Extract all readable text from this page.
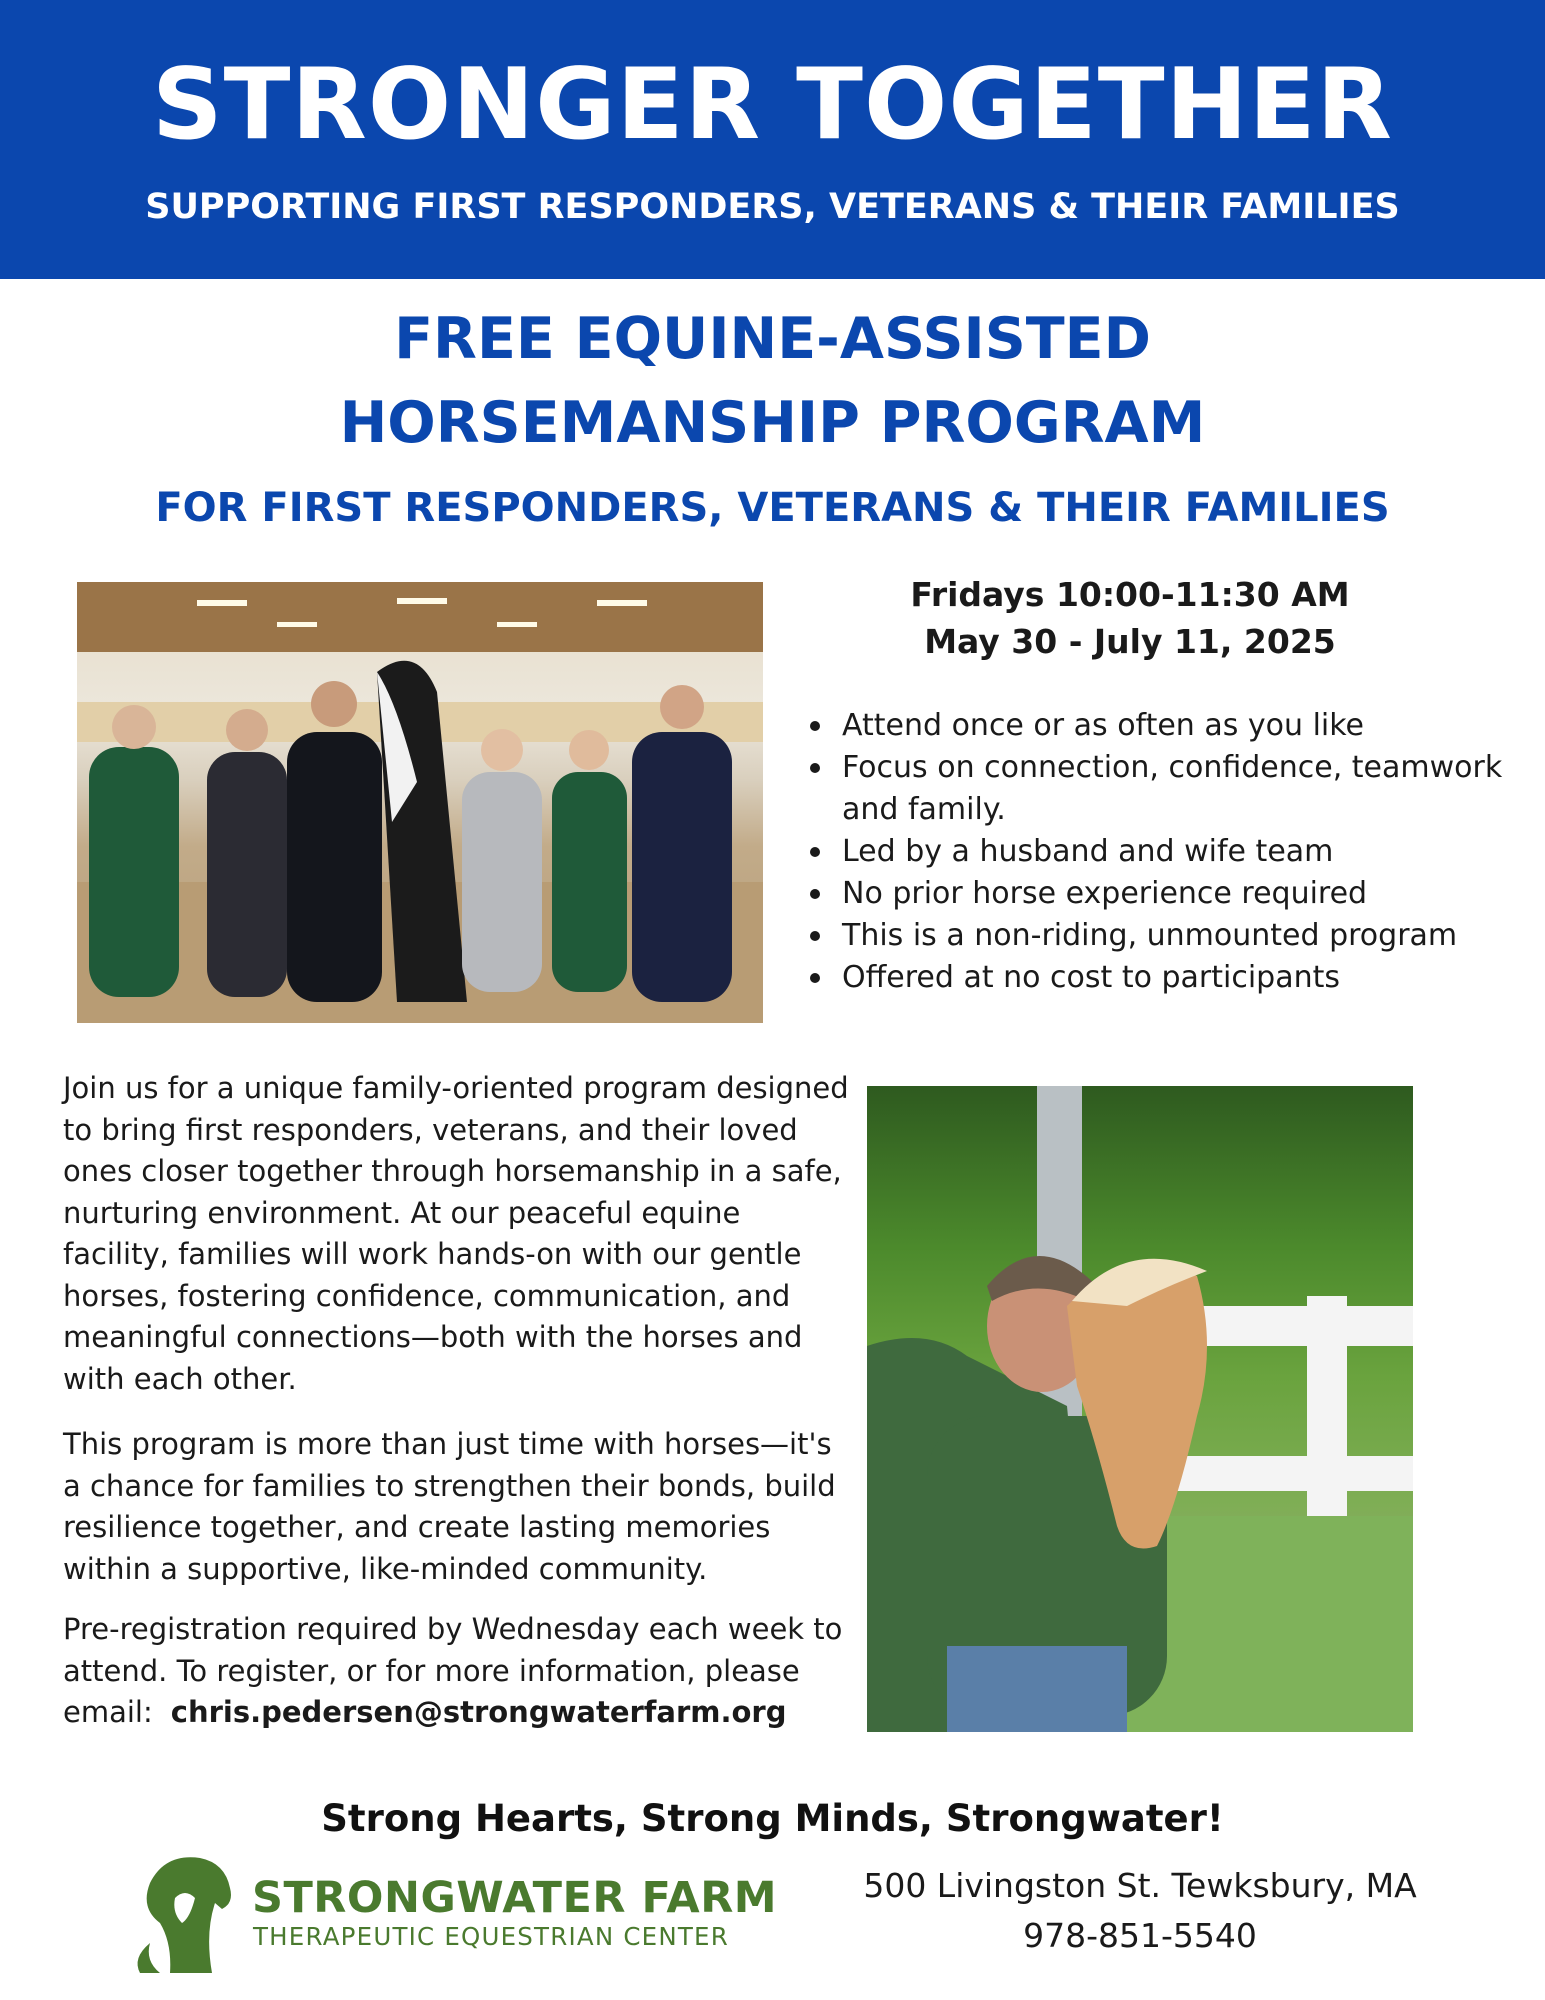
STRONGER TOGETHER
SUPPORTING FIRST RESPONDERS, VETERANS & THEIR FAMILIES
FREE EQUINE-ASSISTED
HORSEMANSHIP PROGRAM
FOR FIRST RESPONDERS, VETERANS & THEIR FAMILIES
Fridays 10:00-11:30 AM
May 30 - July 11, 2025
Attend once or as often as you like
Focus on connection, confidence, teamwork and family.
Led by a husband and wife team
No prior horse experience required
This is a non-riding, unmounted program
Offered at no cost to participants

Join us for a unique family-oriented program designed to bring first responders, veterans, and their loved ones closer together through horsemanship in a safe, nurturing environment. At our peaceful equine facility, families will work hands-on with our gentle horses, fostering confidence, communication, and meaningful connections—both with the horses and with each other.

This program is more than just time with horses—it's a chance for families to strengthen their bonds, build resilience together, and create lasting memories within a supportive, like-minded community.

Pre-registration required by Wednesday each week to attend. To register, or for more information, please email: chris.pedersen@strongwaterfarm.org

Strong Hearts, Strong Minds, Strongwater!
STRONGWATER FARM
THERAPEUTIC EQUESTRIAN CENTER
500 Livingston St. Tewksbury, MA
978-851-5540
